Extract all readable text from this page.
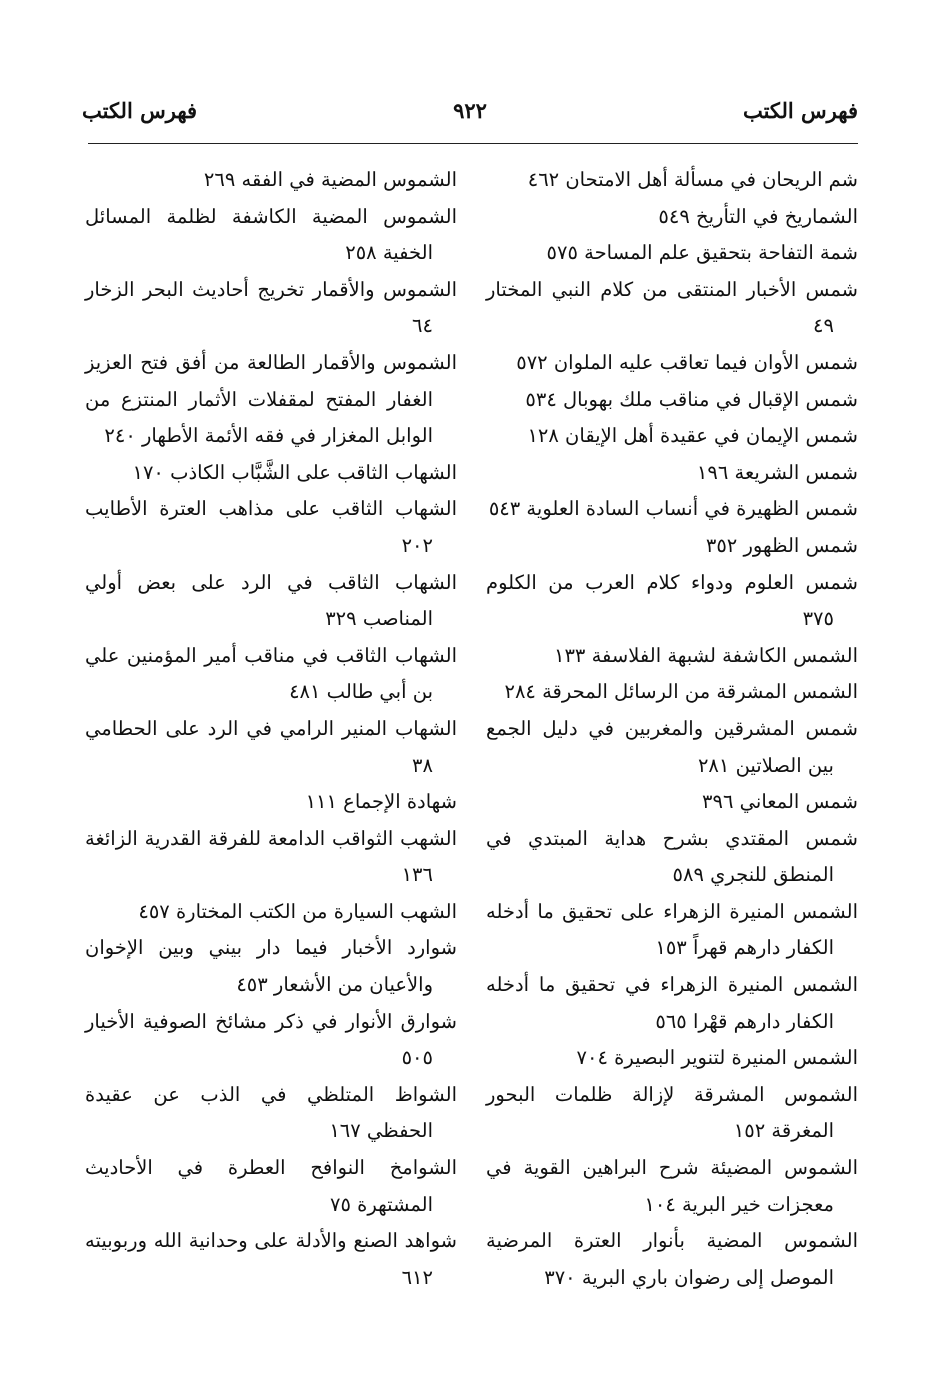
فهرس الكتب
٩٢٢
فهرس الكتب

شم الريحان في مسألة أهل الامتحان ٤٦٢

الشماريخ في التأريخ ٥٤٩

شمة التفاحة بتحقيق علم المساحة ٥٧٥

شمس الأخبار المنتقى من كلام النبي المختار ٤٩

شمس الأوان فيما تعاقب عليه الملوان ٥٧٢

شمس الإقبال في مناقب ملك بهوبال ٥٣٤

شمس الإيمان في عقيدة أهل الإيقان ١٢٨

شمس الشريعة ١٩٦

شمس الظهيرة في أنساب السادة العلوية ٥٤٣

شمس الظهور ٣٥٢

شمس العلوم ودواء كلام العرب من الكلوم ٣٧٥

الشمس الكاشفة لشبهة الفلاسفة ١٣٣

الشمس المشرقة من الرسائل المحرقة ٢٨٤

شمس المشرقين والمغربين في دليل الجمع بين الصلاتين ٢٨١

شمس المعاني ٣٩٦

شمس المقتدي بشرح هداية المبتدي في المنطق للنجري ٥٨٩

الشمس المنيرة الزهراء على تحقيق ما أدخله الكفار دارهم قهراً ١٥٣

الشمس المنيرة الزهراء في تحقيق ما أدخله الكفار دارهم قهْرا ٥٦٥

الشمس المنيرة لتنوير البصيرة ٧٠٤

الشموس المشرقة لإزالة ظلمات البحور المغرقة ١٥٢

الشموس المضيئة شرح البراهين القوية في معجزات خير البرية ١٠٤

الشموس المضية بأنوار العترة المرضية الموصل إلى رضوان باري البرية ٣٧٠

الشموس المضية في الفقه ٢٦٩

الشموس المضية الكاشفة لظلمة المسائل الخفية ٢٥٨

الشموس والأقمار تخريج أحاديث البحر الزخار ٦٤

الشموس والأقمار الطالعة من أفق فتح العزيز الغفار المفتح لمقفلات الأثمار المنتزع من الوابل المغزار في فقه الأئمة الأطهار ٢٤٠

الشهاب الثاقب على الشَّبَّاب الكاذب ١٧٠

الشهاب الثاقب على مذاهب العترة الأطايب ٢٠٢

الشهاب الثاقب في الرد على بعض أولي المناصب ٣٢٩

الشهاب الثاقب في مناقب أمير المؤمنين علي بن أبي طالب ٤٨١

الشهاب المنير الرامي في الرد على الحطامي ٣٨

شهادة الإجماع ١١١

الشهب الثواقب الدامعة للفرقة القدرية الزائغة ١٣٦

الشهب السيارة من الكتب المختارة ٤٥٧

شوارد الأخبار فيما دار بيني وبين الإخوان والأعيان من الأشعار ٤٥٣

شوارق الأنوار في ذكر مشائخ الصوفية الأخيار ٥٠٥

الشواظ المتلظي في الذب عن عقيدة الحفظي ١٦٧

الشوامخ النوافح العطرة في الأحاديث المشتهرة ٧٥

شواهد الصنع والأدلة على وحدانية الله وربوبيته ٦١٢
